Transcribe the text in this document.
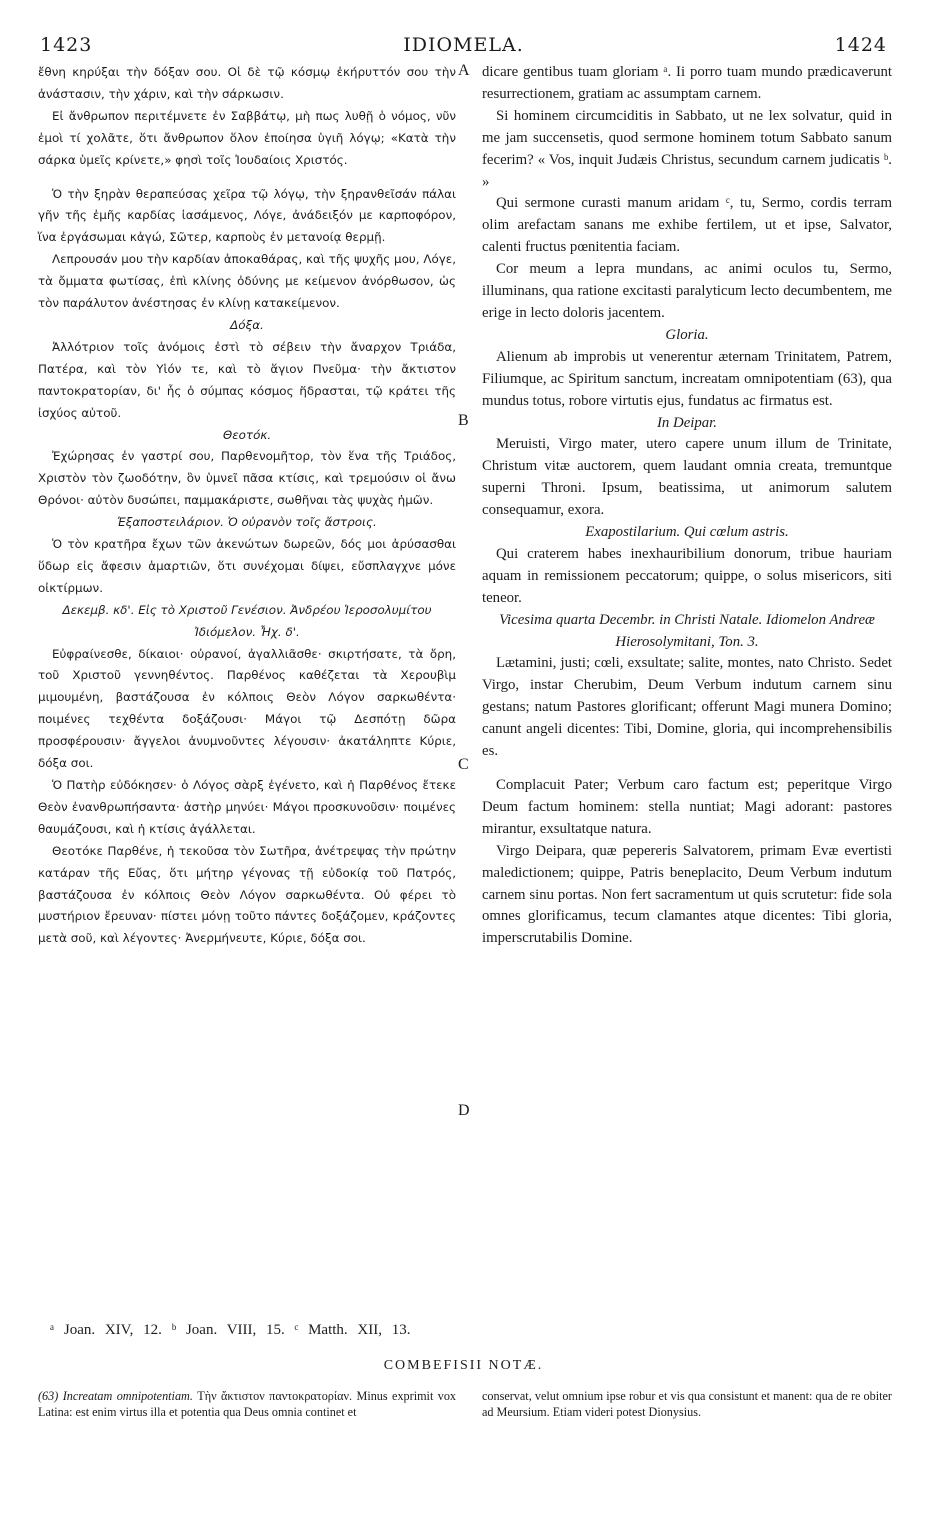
1423	IDIOMELA.	1424

ἔθνη κηρύξαι τὴν δόξαν σου. Οἱ δὲ τῷ κόσμῳ ἐκήρυττόν σου τὴν ἀνάστασιν, τὴν χάριν, καὶ τὴν σάρκωσιν.

Εἰ ἄνθρωπον περιτέμνετε ἐν Σαββάτῳ, μὴ πως λυθῇ ὁ νόμος, νῦν ἐμοὶ τί χολᾶτε, ὅτι ἄνθρωπον ὅλον ἐποίησα ὑγιῆ λόγῳ; «Κατὰ τὴν σάρκα ὑμεῖς κρίνετε,» φησὶ τοῖς Ἰουδαίοις Χριστός.

Ὁ τὴν ξηρὰν θεραπεύσας χεῖρα τῷ λόγῳ, τὴν ξηρανθεῖσάν πάλαι γῆν τῆς ἐμῆς καρδίας ἰασάμενος, Λόγε, ἀνάδειξόν με καρποφόρον, ἵνα ἐργάσωμαι κἀγώ, Σῶτερ, καρποὺς ἐν μετανοίᾳ θερμῇ.

Λεπρουσάν μου τὴν καρδίαν ἀποκαθάρας, καὶ τῆς ψυχῆς μου, Λόγε, τὰ ὄμματα φωτίσας, ἐπὶ κλίνης ὀδύνης με κείμενον ἀνόρθωσον, ὡς τὸν παράλυτον ἀνέστησας ἐν κλίνῃ κατακείμενον.

Δόξα.

Ἀλλότριον τοῖς ἀνόμοις ἐστὶ τὸ σέβειν τὴν ἄναρχον Τριάδα, Πατέρα, καὶ τὸν Υἱόν τε, καὶ τὸ ἅγιον Πνεῦμα· τὴν ἄκτιστον παντοκρατορίαν, δι' ἧς ὁ σύμπας κόσμος ἥδρασται, τῷ κράτει τῆς ἰσχύος αὐτοῦ.

Θεοτόκ.

Ἐχώρησας ἐν γαστρί σου, Παρθενομῆτορ, τὸν ἕνα τῆς Τριάδος, Χριστὸν τὸν ζωοδότην, ὃν ὑμνεῖ πᾶσα κτίσις, καὶ τρεμούσιν οἱ ἄνω Θρόνοι· αὐτὸν δυσώπει, παμμακάριστε, σωθῆναι τὰς ψυχὰς ἡμῶν.

Ἐξαποστειλάριον. Ὁ οὐρανὸν τοῖς ἄστροις.

Ὁ τὸν κρατῆρα ἔχων τῶν ἀκενώτων δωρεῶν, δός μοι ἀρύσασθαι ὕδωρ εἰς ἄφεσιν ἁμαρτιῶν, ὅτι συνέχομαι δίψει, εὔσπλαγχνε μόνε οἰκτίρμων.

Δεκεμβ. κδ'. Εἰς τὸ Χριστοῦ Γενέσιον. Ἀνδρέου Ἱεροσολυμίτου Ἰδιόμελον. Ἦχ. δ'.

Εὐφραίνεσθε, δίκαιοι· οὐρανοί, ἀγαλλιᾶσθε· σκιρτήσατε, τὰ ὄρη, τοῦ Χριστοῦ γεννηθέντος. Παρθένος καθέζεται τὰ Χερουβὶμ μιμουμένη, βαστάζουσα ἐν κόλποις Θεὸν Λόγον σαρκωθέντα· ποιμένες τεχθέντα δοξάζουσι· Μάγοι τῷ Δεσπότῃ δῶρα προσφέρουσιν· ἄγγελοι ἀνυμνοῦντες λέγουσιν· ἀκατάληπτε Κύριε, δόξα σοι.

Ὁ Πατὴρ εὐδόκησεν· ὁ Λόγος σὰρξ ἐγένετο, καὶ ἡ Παρθένος ἔτεκε Θεὸν ἐνανθρωπήσαντα· ἀστὴρ μηνύει· Μάγοι προσκυνοῦσιν· ποιμένες θαυμάζουσι, καὶ ἡ κτίσις ἀγάλλεται.

Θεοτόκε Παρθένε, ἡ τεκοῦσα τὸν Σωτῆρα, ἀνέτρεψας τὴν πρώτην κατάραν τῆς Εὔας, ὅτι μήτηρ γέγονας τῇ εὐδοκίᾳ τοῦ Πατρός, βαστάζουσα ἐν κόλποις Θεὸν Λόγον σαρκωθέντα. Οὐ φέρει τὸ μυστήριον ἔρευναν· πίστει μόνῃ τοῦτο πάντες δοξάζομεν, κράζοντες μετὰ σοῦ, καὶ λέγοντες· Ἀνερμήνευτε, Κύριε, δόξα σοι.

A
B
C
D

dicare gentibus tuam gloriam ᵃ. Ii porro tuam mundo prædicaverunt resurrectionem, gratiam ac assumptam carnem.

Si hominem circumciditis in Sabbato, ut ne lex solvatur, quid in me jam succensetis, quod sermone hominem totum Sabbato sanum fecerim? « Vos, inquit Judæis Christus, secundum carnem judicatis ᵇ. »

Qui sermone curasti manum aridam ᶜ, tu, Sermo, cordis terram olim arefactam sanans me exhibe fertilem, ut et ipse, Salvator, calenti fructus pœnitentia faciam.

Cor meum a lepra mundans, ac animi oculos tu, Sermo, illuminans, qua ratione excitasti paralyticum lecto decumbentem, me erige in lecto doloris jacentem.

Gloria.

Alienum ab improbis ut venerentur æternam Trinitatem, Patrem, Filiumque, ac Spiritum sanctum, increatam omnipotentiam (63), qua mundus totus, robore virtutis ejus, fundatus ac firmatus est.

In Deipar.

Meruisti, Virgo mater, utero capere unum illum de Trinitate, Christum vitæ auctorem, quem laudant omnia creata, tremuntque superni Throni. Ipsum, beatissima, ut animorum salutem consequamur, exora.

Exapostilarium. Qui cœlum astris.

Qui craterem habes inexhauribilium donorum, tribue hauriam aquam in remissionem peccatorum; quippe, o solus misericors, siti teneor.

Vicesima quarta Decembr. in Christi Natale. Idiomelon Andreæ Hierosolymitani, Ton. 3.

Lætamini, justi; cœli, exsultate; salite, montes, nato Christo. Sedet Virgo, instar Cherubim, Deum Verbum indutum carnem sinu gestans; natum Pastores glorificant; offerunt Magi munera Domino; canunt angeli dicentes: Tibi, Domine, gloria, qui incomprehensibilis es.

Complacuit Pater; Verbum caro factum est; peperitque Virgo Deum factum hominem: stella nuntiat; Magi adorant: pastores mirantur, exsultatque natura.

Virgo Deipara, quæ pepereris Salvatorem, primam Evæ evertisti maledictionem; quippe, Patris beneplacito, Deum Verbum indutum carnem sinu portas. Non fert sacramentum ut quis scrutetur: fide sola omnes glorificamus, tecum clamantes atque dicentes: Tibi gloria, imperscrutabilis Domine.

ᵃ Joan. XIV, 12. ᵇ Joan. VIII, 15. ᶜ Matth. XII, 13.
COMBEFISII NOTÆ.
(63) Increatam omnipotentiam. Τὴν ἄκτιστον παντοκρατορίαν. Minus exprimit vox Latina: est enim virtus illa et potentia qua Deus omnia continet et
conservat, velut omnium ipse robur et vis qua consistunt et manent: qua de re obiter ad Meursium. Etiam videri potest Dionysius.
